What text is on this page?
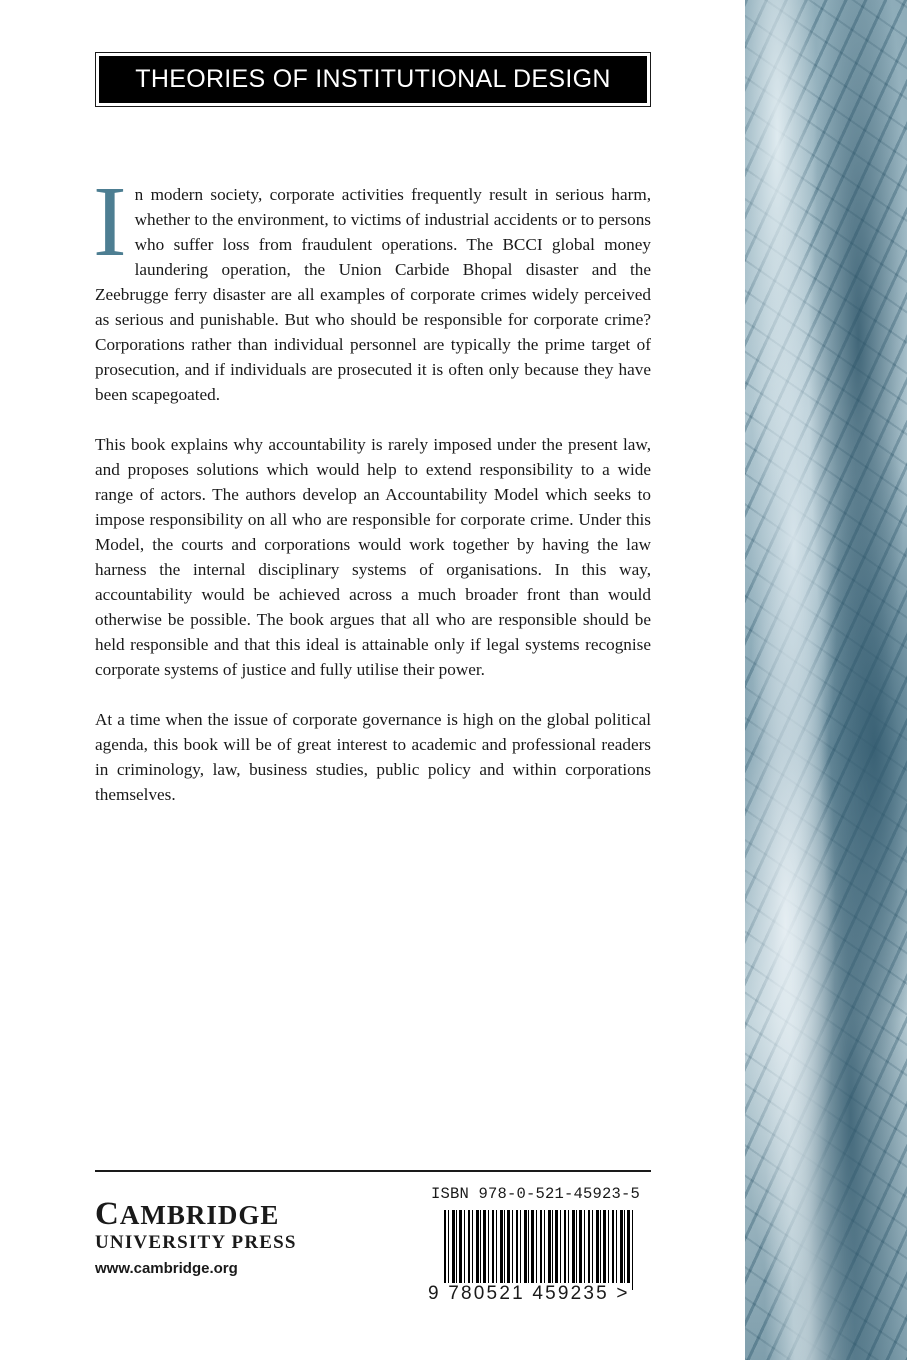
THEORIES OF INSTITUTIONAL DESIGN

In modern society, corporate activities frequently result in serious harm, whether to the environment, to victims of industrial accidents or to persons who suffer loss from fraudulent operations. The BCCI global money laundering operation, the Union Carbide Bhopal disaster and the Zeebrugge ferry disaster are all examples of corporate crimes widely perceived as serious and punishable. But who should be responsible for corporate crime? Corporations rather than individual personnel are typically the prime target of prosecution, and if individuals are prosecuted it is often only because they have been scapegoated.

This book explains why accountability is rarely imposed under the present law, and proposes solutions which would help to extend responsibility to a wide range of actors. The authors develop an Accountability Model which seeks to impose responsibility on all who are responsible for corporate crime. Under this Model, the courts and corporations would work together by having the law harness the internal disciplinary systems of organisations. In this way, accountability would be achieved across a much broader front than would otherwise be possible. The book argues that all who are responsible should be held responsible and that this ideal is attainable only if legal systems recognise corporate systems of justice and fully utilise their power.

At a time when the issue of corporate governance is high on the global political agenda, this book will be of great interest to academic and professional readers in criminology, law, business studies, public policy and within corporations themselves.

CAMBRIDGE
UNIVERSITY PRESS
www.cambridge.org
ISBN 978-0-521-45923-5
9 780521 459235 >
